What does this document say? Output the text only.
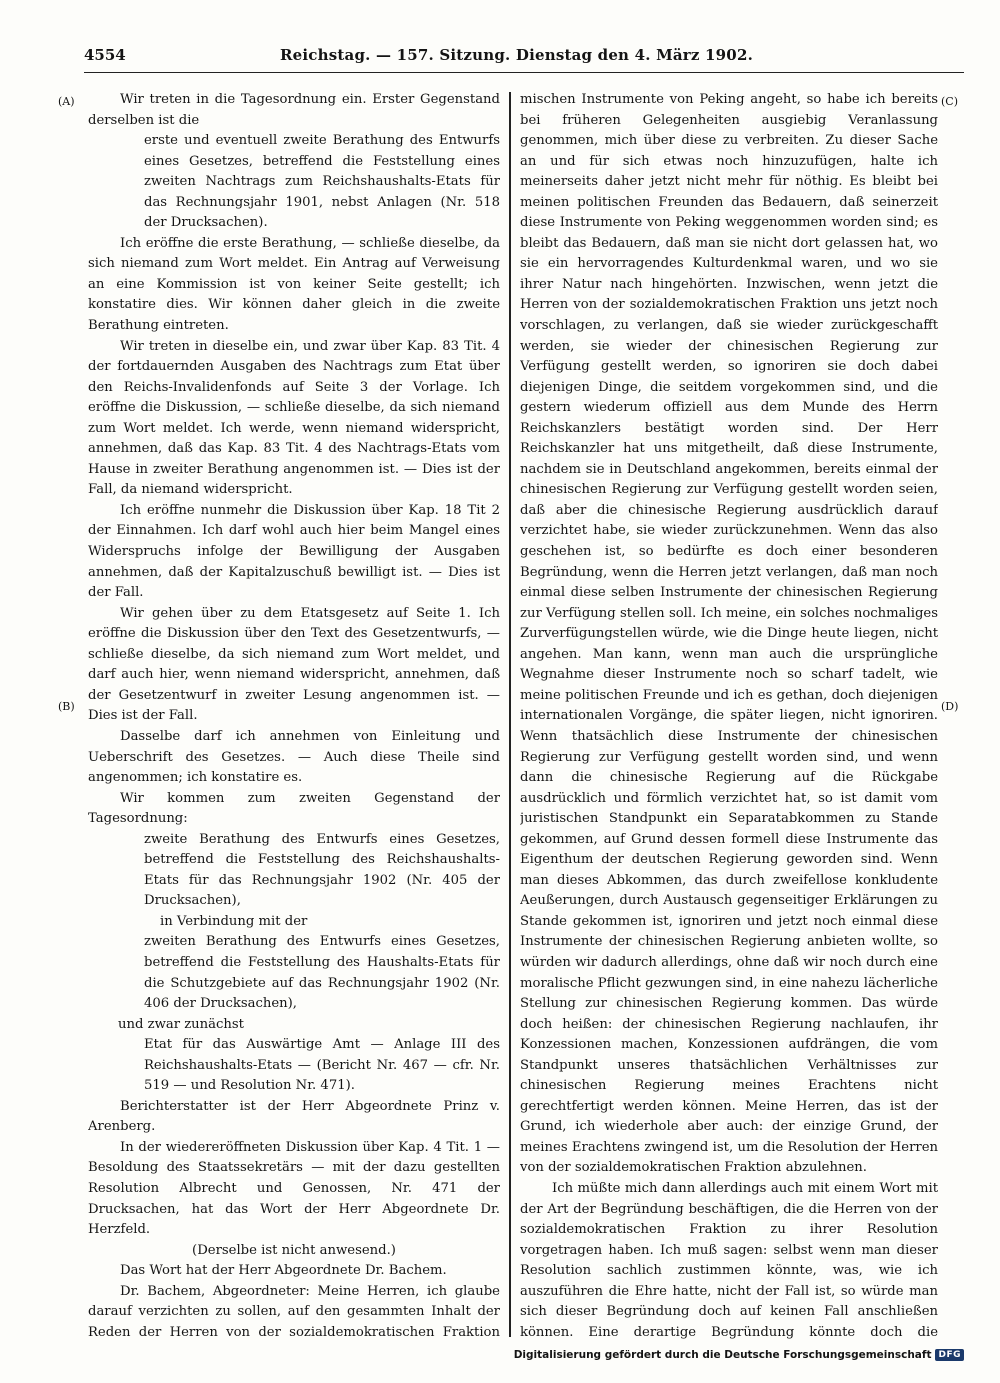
4554	Reichstag. — 157. Sitzung. Dienstag den 4. März 1902.
(A)
(B)
(C)
(D)

Wir treten in die Tagesordnung ein. Erster Gegenstand derselben ist die

erste und eventuell zweite Berathung des Entwurfs eines Gesetzes, betreffend die Feststellung eines zweiten Nachtrags zum Reichshaushalts-Etats für das Rechnungsjahr 1901, nebst Anlagen (Nr. 518 der Drucksachen).

Ich eröffne die erste Berathung, — schließe dieselbe, da sich niemand zum Wort meldet. Ein Antrag auf Verweisung an eine Kommission ist von keiner Seite gestellt; ich konstatire dies. Wir können daher gleich in die zweite Berathung eintreten.

Wir treten in dieselbe ein, und zwar über Kap. 83 Tit. 4 der fortdauernden Ausgaben des Nachtrags zum Etat über den Reichs-Invalidenfonds auf Seite 3 der Vorlage. Ich eröffne die Diskussion, — schließe dieselbe, da sich niemand zum Wort meldet. Ich werde, wenn niemand widerspricht, annehmen, daß das Kap. 83 Tit. 4 des Nachtrags-Etats vom Hause in zweiter Berathung angenommen ist. — Dies ist der Fall, da niemand widerspricht.

Ich eröffne nunmehr die Diskussion über Kap. 18 Tit 2 der Einnahmen. Ich darf wohl auch hier beim Mangel eines Widerspruchs infolge der Bewilligung der Ausgaben annehmen, daß der Kapitalzuschuß bewilligt ist. — Dies ist der Fall.

Wir gehen über zu dem Etatsgesetz auf Seite 1. Ich eröffne die Diskussion über den Text des Gesetzentwurfs, — schließe dieselbe, da sich niemand zum Wort meldet, und darf auch hier, wenn niemand widerspricht, annehmen, daß der Gesetzentwurf in zweiter Lesung angenommen ist. — Dies ist der Fall.

Dasselbe darf ich annehmen von Einleitung und Ueberschrift des Gesetzes. — Auch diese Theile sind angenommen; ich konstatire es.

Wir kommen zum zweiten Gegenstand der Tagesordnung:

zweite Berathung des Entwurfs eines Gesetzes, betreffend die Feststellung des Reichshaushalts-Etats für das Rechnungsjahr 1902 (Nr. 405 der Drucksachen),

in Verbindung mit der

zweiten Berathung des Entwurfs eines Gesetzes, betreffend die Feststellung des Haushalts-Etats für die Schutzgebiete auf das Rechnungsjahr 1902 (Nr. 406 der Drucksachen),

und zwar zunächst

Etat für das Auswärtige Amt — Anlage III des Reichshaushalts-Etats — (Bericht Nr. 467 — cfr. Nr. 519 — und Resolution Nr. 471).

Berichterstatter ist der Herr Abgeordnete Prinz v. Arenberg.

In der wiedereröffneten Diskussion über Kap. 4 Tit. 1 — Besoldung des Staatssekretärs — mit der dazu gestellten Resolution Albrecht und Genossen, Nr. 471 der Drucksachen, hat das Wort der Herr Abgeordnete Dr. Herzfeld.

(Derselbe ist nicht anwesend.)

Das Wort hat der Herr Abgeordnete Dr. Bachem.

Dr. Bachem, Abgeordneter: Meine Herren, ich glaube darauf verzichten zu sollen, auf den gesammten Inhalt der Reden der Herren von der sozialdemokratischen Fraktion

mischen Instrumente von Peking angeht, so habe ich bereits bei früheren Gelegenheiten ausgiebig Veranlassung genommen, mich über diese zu verbreiten. Zu dieser Sache an und für sich etwas noch hinzuzufügen, halte ich meinerseits daher jetzt nicht mehr für nöthig. Es bleibt bei meinen politischen Freunden das Bedauern, daß seinerzeit diese Instrumente von Peking weggenommen worden sind; es bleibt das Bedauern, daß man sie nicht dort gelassen hat, wo sie ein hervorragendes Kulturdenkmal waren, und wo sie ihrer Natur nach hingehörten. Inzwischen, wenn jetzt die Herren von der sozialdemokratischen Fraktion uns jetzt noch vorschlagen, zu verlangen, daß sie wieder zurückgeschafft werden, sie wieder der chinesischen Regierung zur Verfügung gestellt werden, so ignoriren sie doch dabei diejenigen Dinge, die seitdem vorgekommen sind, und die gestern wiederum offiziell aus dem Munde des Herrn Reichskanzlers bestätigt worden sind. Der Herr Reichskanzler hat uns mitgetheilt, daß diese Instrumente, nachdem sie in Deutschland angekommen, bereits einmal der chinesischen Regierung zur Verfügung gestellt worden seien, daß aber die chinesische Regierung ausdrücklich darauf verzichtet habe, sie wieder zurückzunehmen. Wenn das also geschehen ist, so bedürfte es doch einer besonderen Begründung, wenn die Herren jetzt verlangen, daß man noch einmal diese selben Instrumente der chinesischen Regierung zur Verfügung stellen soll. Ich meine, ein solches nochmaliges Zurverfügungstellen würde, wie die Dinge heute liegen, nicht angehen. Man kann, wenn man auch die ursprüngliche Wegnahme dieser Instrumente noch so scharf tadelt, wie meine politischen Freunde und ich es gethan, doch diejenigen internationalen Vorgänge, die später liegen, nicht ignoriren. Wenn thatsächlich diese Instrumente der chinesischen Regierung zur Verfügung gestellt worden sind, und wenn dann die chinesische Regierung auf die Rückgabe ausdrücklich und förmlich verzichtet hat, so ist damit vom juristischen Standpunkt ein Separatabkommen zu Stande gekommen, auf Grund dessen formell diese Instrumente das Eigenthum der deutschen Regierung geworden sind. Wenn man dieses Abkommen, das durch zweifellose konkludente Aeußerungen, durch Austausch gegenseitiger Erklärungen zu Stande gekommen ist, ignoriren und jetzt noch einmal diese Instrumente der chinesischen Regierung anbieten wollte, so würden wir dadurch allerdings, ohne daß wir noch durch eine moralische Pflicht gezwungen sind, in eine nahezu lächerliche Stellung zur chinesischen Regierung kommen. Das würde doch heißen: der chinesischen Regierung nachlaufen, ihr Konzessionen machen, Konzessionen aufdrängen, die vom Standpunkt unseres thatsächlichen Verhältnisses zur chinesischen Regierung meines Erachtens nicht gerechtfertigt werden können. Meine Herren, das ist der Grund, ich wiederhole aber auch: der einzige Grund, der meines Erachtens zwingend ist, um die Resolution der Herren von der sozialdemokratischen Fraktion abzulehnen.

Ich müßte mich dann allerdings auch mit einem Wort mit der Art der Begründung beschäftigen, die die Herren von der sozialdemokratischen Fraktion zu ihrer Resolution vorgetragen haben. Ich muß sagen: selbst wenn man dieser Resolution sachlich zustimmen könnte, was, wie ich auszuführen die Ehre hatte, nicht der Fall ist, so würde man sich dieser Begründung doch auf keinen Fall anschließen können. Eine derartige Begründung könnte doch die

Digitalisierung gefördert durch die Deutsche Forschungsgemeinschaft DFG
